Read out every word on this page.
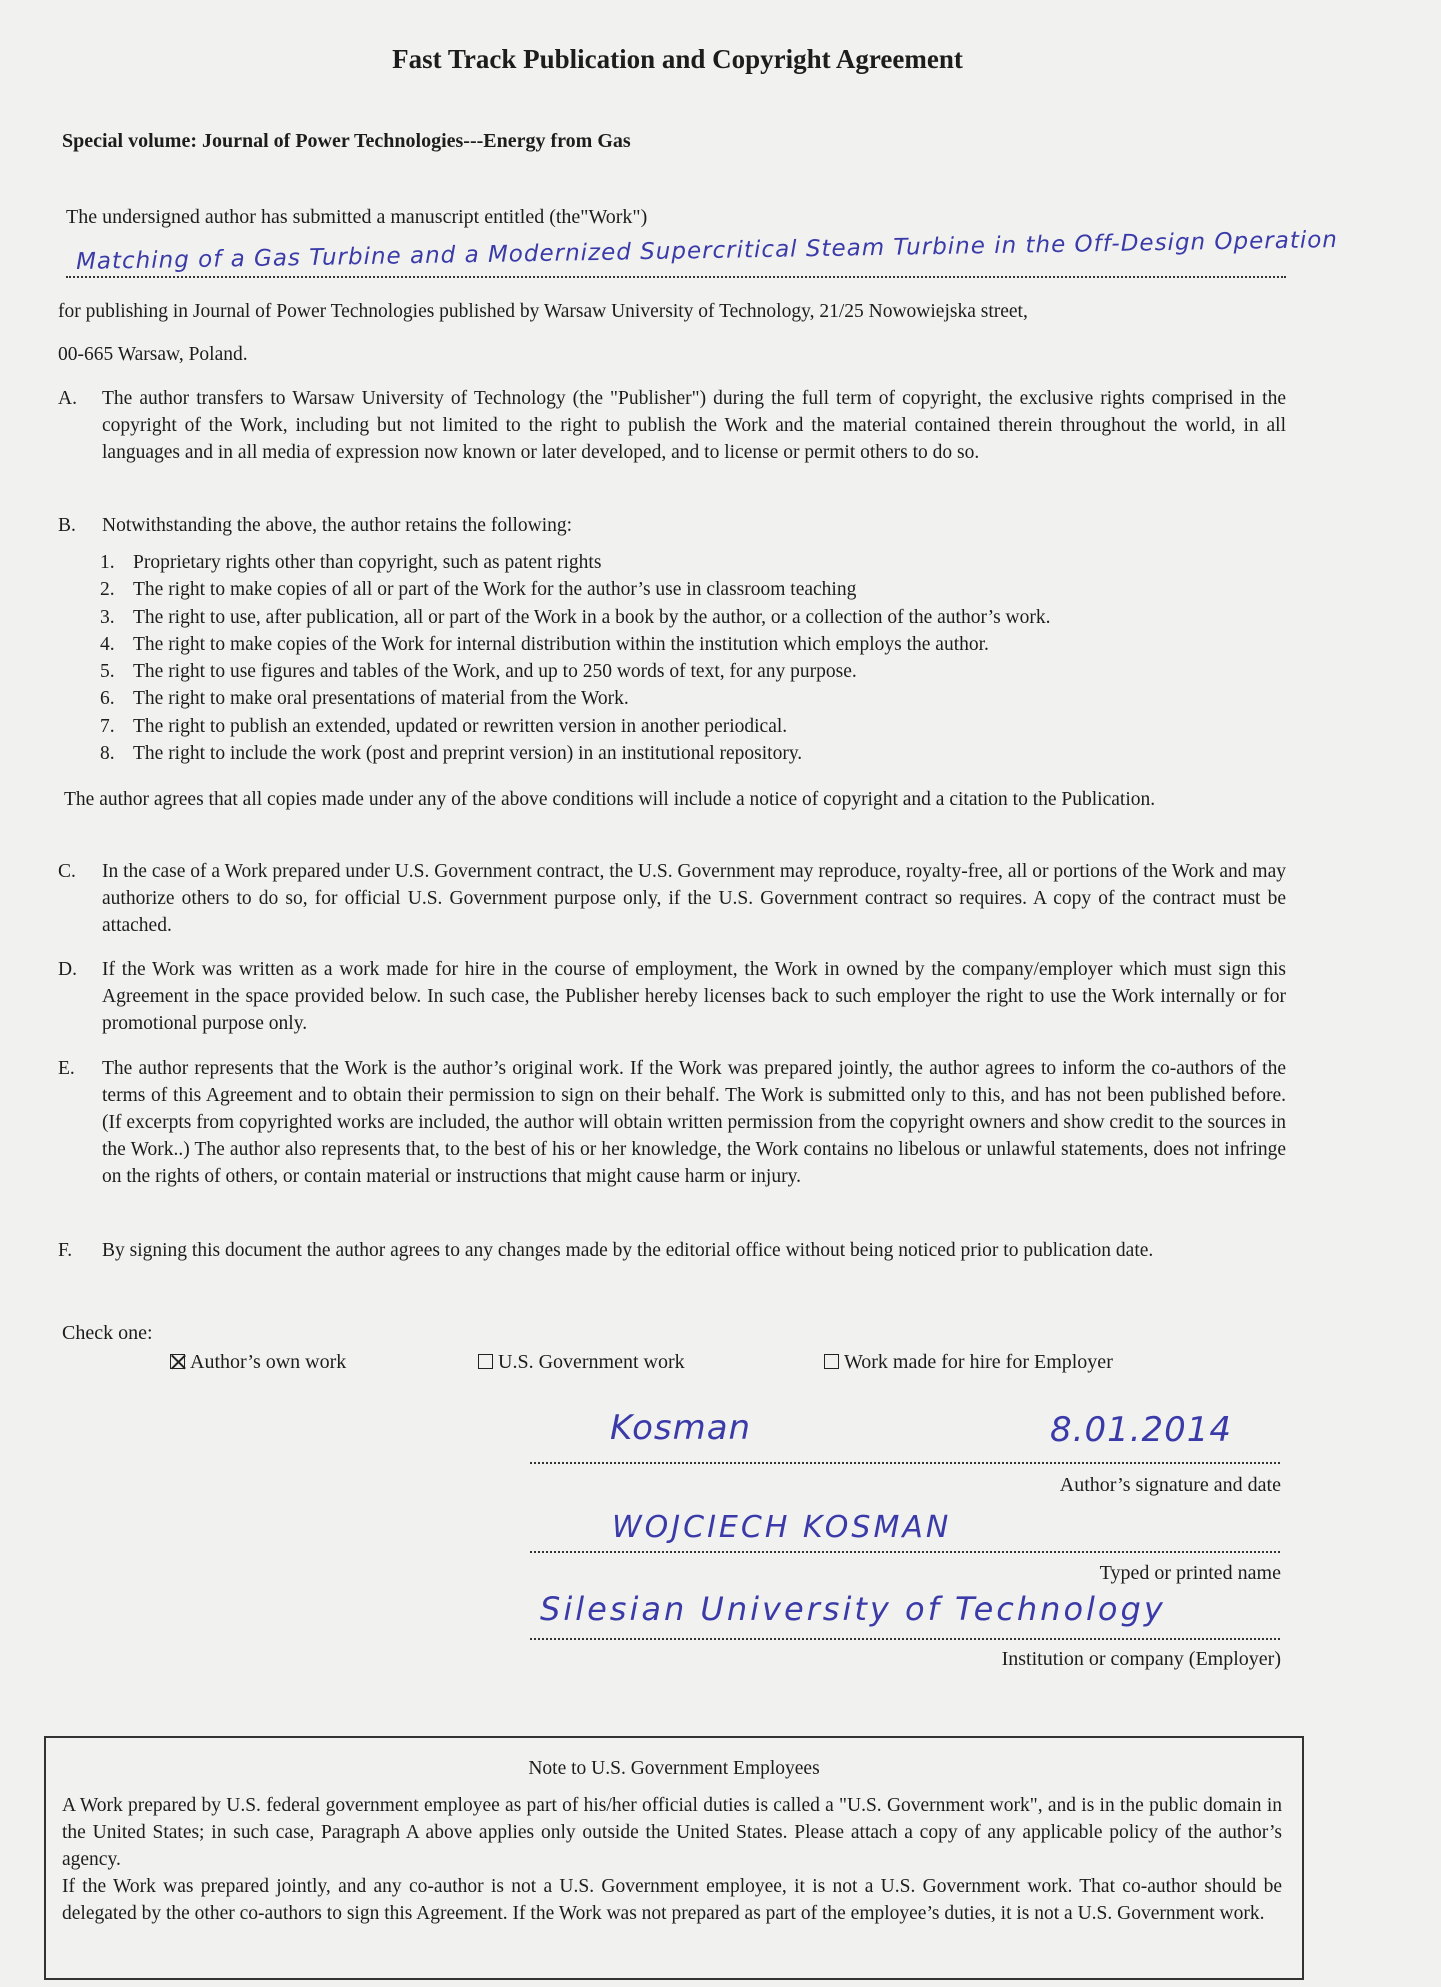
Fast Track Publication and Copyright Agreement
Special volume: Journal of Power Technologies---Energy from Gas
The undersigned author has submitted a manuscript entitled (the"Work")
Matching of a Gas Turbine and a Modernized Supercritical Steam Turbine in the Off-Design Operation
for publishing in Journal of Power Technologies published by Warsaw University of Technology, 21/25 Nowowiejska street,
00-665 Warsaw, Poland.
A. The author transfers to Warsaw University of Technology (the "Publisher") during the full term of copyright, the exclusive rights comprised in the copyright of the Work, including but not limited to the right to publish the Work and the material contained therein throughout the world, in all languages and in all media of expression now known or later developed, and to license or permit others to do so.
B. Notwithstanding the above, the author retains the following:
1. Proprietary rights other than copyright, such as patent rights
2. The right to make copies of all or part of the Work for the author’s use in classroom teaching
3. The right to use, after publication, all or part of the Work in a book by the author, or a collection of the author’s work.
4. The right to make copies of the Work for internal distribution within the institution which employs the author.
5. The right to use figures and tables of the Work, and up to 250 words of text, for any purpose.
6. The right to make oral presentations of material from the Work.
7. The right to publish an extended, updated or rewritten version in another periodical.
8. The right to include the work (post and preprint version) in an institutional repository.
The author agrees that all copies made under any of the above conditions will include a notice of copyright and a citation to the Publication.
C. In the case of a Work prepared under U.S. Government contract, the U.S. Government may reproduce, royalty-free, all or portions of the Work and may authorize others to do so, for official U.S. Government purpose only, if the U.S. Government contract so requires. A copy of the contract must be attached.
D. If the Work was written as a work made for hire in the course of employment, the Work in owned by the company/employer which must sign this Agreement in the space provided below. In such case, the Publisher hereby licenses back to such employer the right to use the Work internally or for promotional purpose only.
E. The author represents that the Work is the author’s original work. If the Work was prepared jointly, the author agrees to inform the co-authors of the terms of this Agreement and to obtain their permission to sign on their behalf. The Work is submitted only to this, and has not been published before. (If excerpts from copyrighted works are included, the author will obtain written permission from the copyright owners and show credit to the sources in the Work..) The author also represents that, to the best of his or her knowledge, the Work contains no libelous or unlawful statements, does not infringe on the rights of others, or contain material or instructions that might cause harm or injury.
F. By signing this document the author agrees to any changes made by the editorial office without being noticed prior to publication date.
Check one:
Author’s own work	U.S. Government work	Work made for hire for Employer
Kosman	8.01.2014
Author’s signature and date
WOJCIECH KOSMAN
Typed or printed name
Silesian University of Technology
Institution or company (Employer)
Note to U.S. Government Employees
A Work prepared by U.S. federal government employee as part of his/her official duties is called a "U.S. Government work", and is in the public domain in the United States; in such case, Paragraph A above applies only outside the United States. Please attach a copy of any applicable policy of the author’s agency.
If the Work was prepared jointly, and any co-author is not a U.S. Government employee, it is not a U.S. Government work. That co-author should be delegated by the other co-authors to sign this Agreement. If the Work was not prepared as part of the employee’s duties, it is not a U.S. Government work.
